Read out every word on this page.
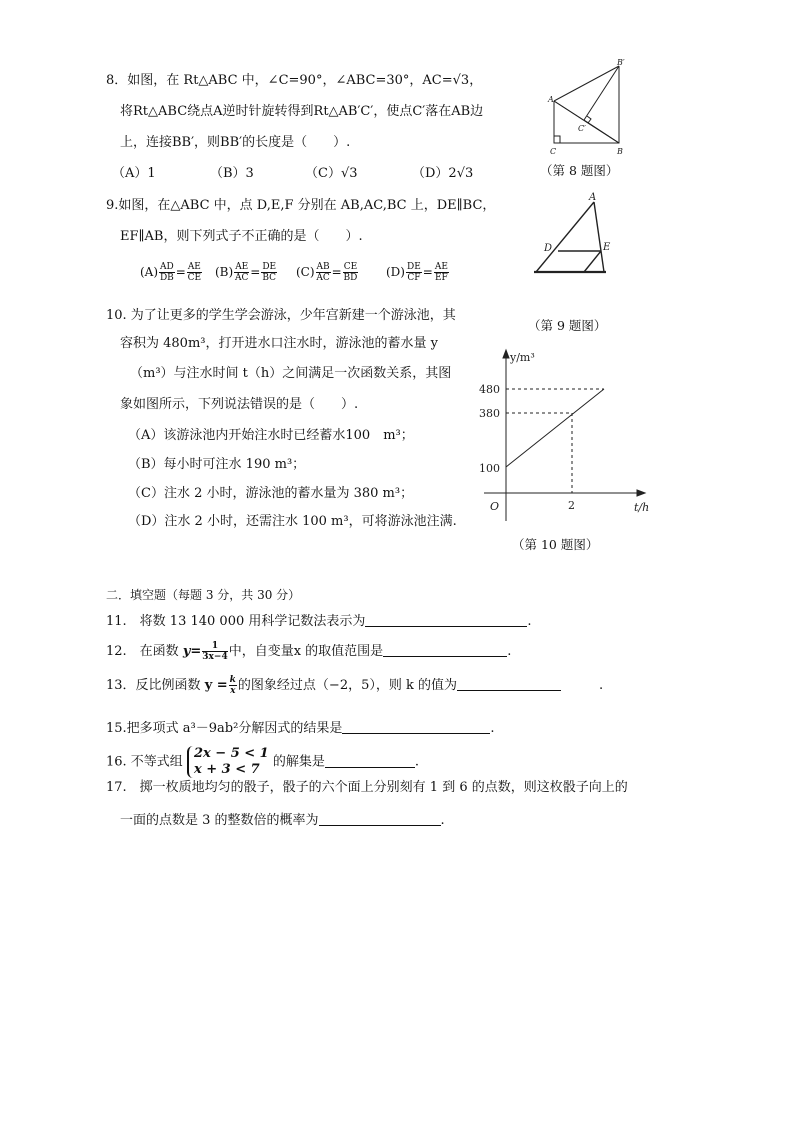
8．如图，在 Rt△ABC 中，∠C=90°，∠ABC=30°，AC=√3，
将Rt△ABC绕点A逆时针旋转得到Rt△AB′C′，使点C′落在AB边
上，连接BB′，则BB′的长度是（　　）.
（A）1	（B）3	（C）√3	（D）2√3
A
B
C
B′
C′
（第 8 题图）
9.如图，在△ABC 中，点 D,E,F 分别在 AB,AC,BC 上，DE∥BC，
EF∥AB，则下列式子不正确的是（　　）.
$(A) \frac{AD}{DB} = \frac{AE}{CE} (B) \frac{AE}{AC} = \frac{DE}{BC} (C) \frac{AB}{AC} = \frac{CE}{BD} (D) \frac{DE}{CF} = \frac{AE}{EF}$
A
D	E
（第 9 题图）
10. 为了让更多的学生学会游泳，少年宫新建一个游泳池，其
容积为 480m³，打开进水口注水时，游泳池的蓄水量 y
（m³）与注水时间 t（h）之间满足一次函数关系，其图
象如图所示，下列说法错误的是（　　）.
（A）该游泳池内开始注水时已经蓄水100　m³；
（B）每小时可注水 190 m³；
（C）注水 2 小时，游泳池的蓄水量为 380 m³；
（D）注水 2 小时，还需注水 100 m³，可将游泳池注满.
y/m³
t/h
O
480
380
100
2
（第 10 题图）
二．填空题（每题 3 分，共 30 分）
11.　将数 13 140 000 用科学记数法表示为	.
12.　在函数 $y= \frac{1}{3x-4}$ 中，自变量x 的取值范围是	.
13．反比例函数 $y = \frac{k}{x}$ 的图象经过点（−2，5），则 k 的值为	.
15.把多项式 a³－9ab²分解因式的结果是	.
16. 不等式组
2x − 5 < 1
x + 3 < 7	的解集是	.
17.　掷一枚质地均匀的骰子，骰子的六个面上分别刻有 1 到 6 的点数，则这枚骰子向上的
一面的点数是 3 的整数倍的概率为	.
